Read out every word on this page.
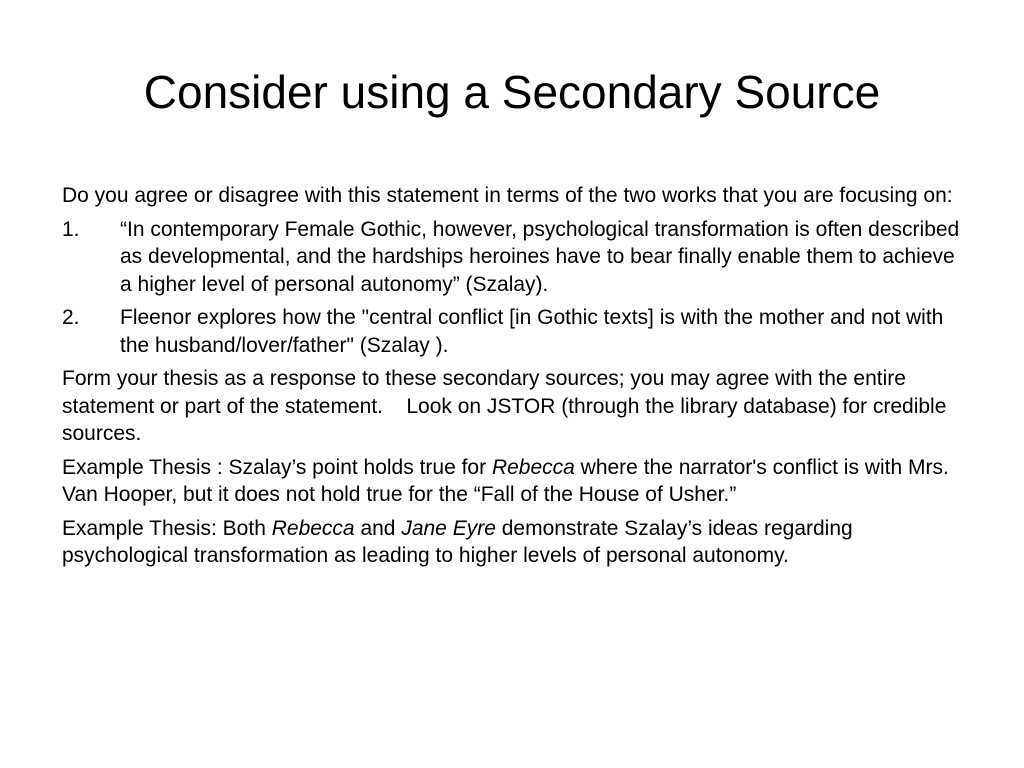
Consider using a Secondary Source

Do you agree or disagree with this statement in terms of the two works that you are focusing on:

1. “In contemporary Female Gothic, however, psychological transformation is often described as developmental, and the hardships heroines have to bear finally enable them to achieve a higher level of personal autonomy” (Szalay).
2. Fleenor explores how the "central conflict [in Gothic texts] is with the mother and not with the husband/lover/father" (Szalay ).

Form your thesis as a response to these secondary sources; you may agree with the entire statement or part of the statement.    Look on JSTOR (through the library database) for credible sources.

Example Thesis : Szalay’s point holds true for Rebecca where the narrator's conflict is with Mrs. Van Hooper, but it does not hold true for the “Fall of the House of Usher.”

Example Thesis: Both Rebecca and Jane Eyre demonstrate Szalay’s ideas regarding psychological transformation as leading to higher levels of personal autonomy.
